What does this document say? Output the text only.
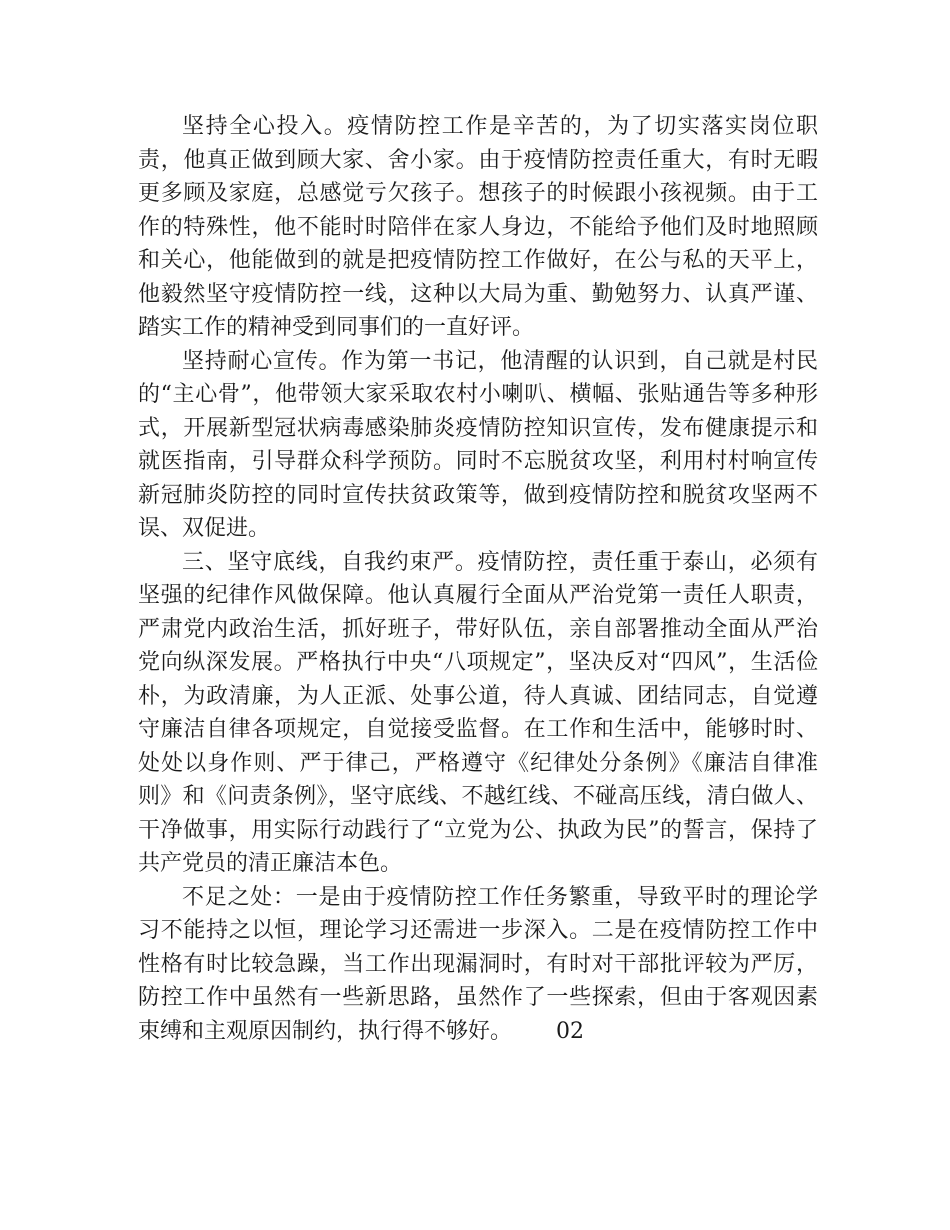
坚持全心投入。疫情防控工作是辛苦的，为了切实落实岗位职责，他真正做到顾大家、舍小家。由于疫情防控责任重大，有时无暇更多顾及家庭，总感觉亏欠孩子。想孩子的时候跟小孩视频。由于工作的特殊性，他不能时时陪伴在家人身边，不能给予他们及时地照顾和关心，他能做到的就是把疫情防控工作做好，在公与私的天平上，他毅然坚守疫情防控一线，这种以大局为重、勤勉努力、认真严谨、踏实工作的精神受到同事们的一直好评。

坚持耐心宣传。作为第一书记，他清醒的认识到，自己就是村民的“主心骨”，他带领大家采取农村小喇叭、横幅、张贴通告等多种形式，开展新型冠状病毒感染肺炎疫情防控知识宣传，发布健康提示和就医指南，引导群众科学预防。同时不忘脱贫攻坚，利用村村响宣传新冠肺炎防控的同时宣传扶贫政策等，做到疫情防控和脱贫攻坚两不误、双促进。

三、坚守底线，自我约束严。疫情防控，责任重于泰山，必须有坚强的纪律作风做保障。他认真履行全面从严治党第一责任人职责，严肃党内政治生活，抓好班子，带好队伍，亲自部署推动全面从严治党向纵深发展。严格执行中央“八项规定”，坚决反对“四风”，生活俭朴，为政清廉，为人正派、处事公道，待人真诚、团结同志，自觉遵守廉洁自律各项规定，自觉接受监督。在工作和生活中，能够时时、处处以身作则、严于律己，严格遵守《纪律处分条例》《廉洁自律准则》和《问责条例》，坚守底线、不越红线、不碰高压线，清白做人、干净做事，用实际行动践行了“立党为公、执政为民”的誓言，保持了共产党员的清正廉洁本色。

不足之处：一是由于疫情防控工作任务繁重，导致平时的理论学习不能持之以恒，理论学习还需进一步深入。二是在疫情防控工作中性格有时比较急躁，当工作出现漏洞时，有时对干部批评较为严厉，防控工作中虽然有一些新思路，虽然作了一些探索，但由于客观因素束缚和主观原因制约，执行得不够好。 02
